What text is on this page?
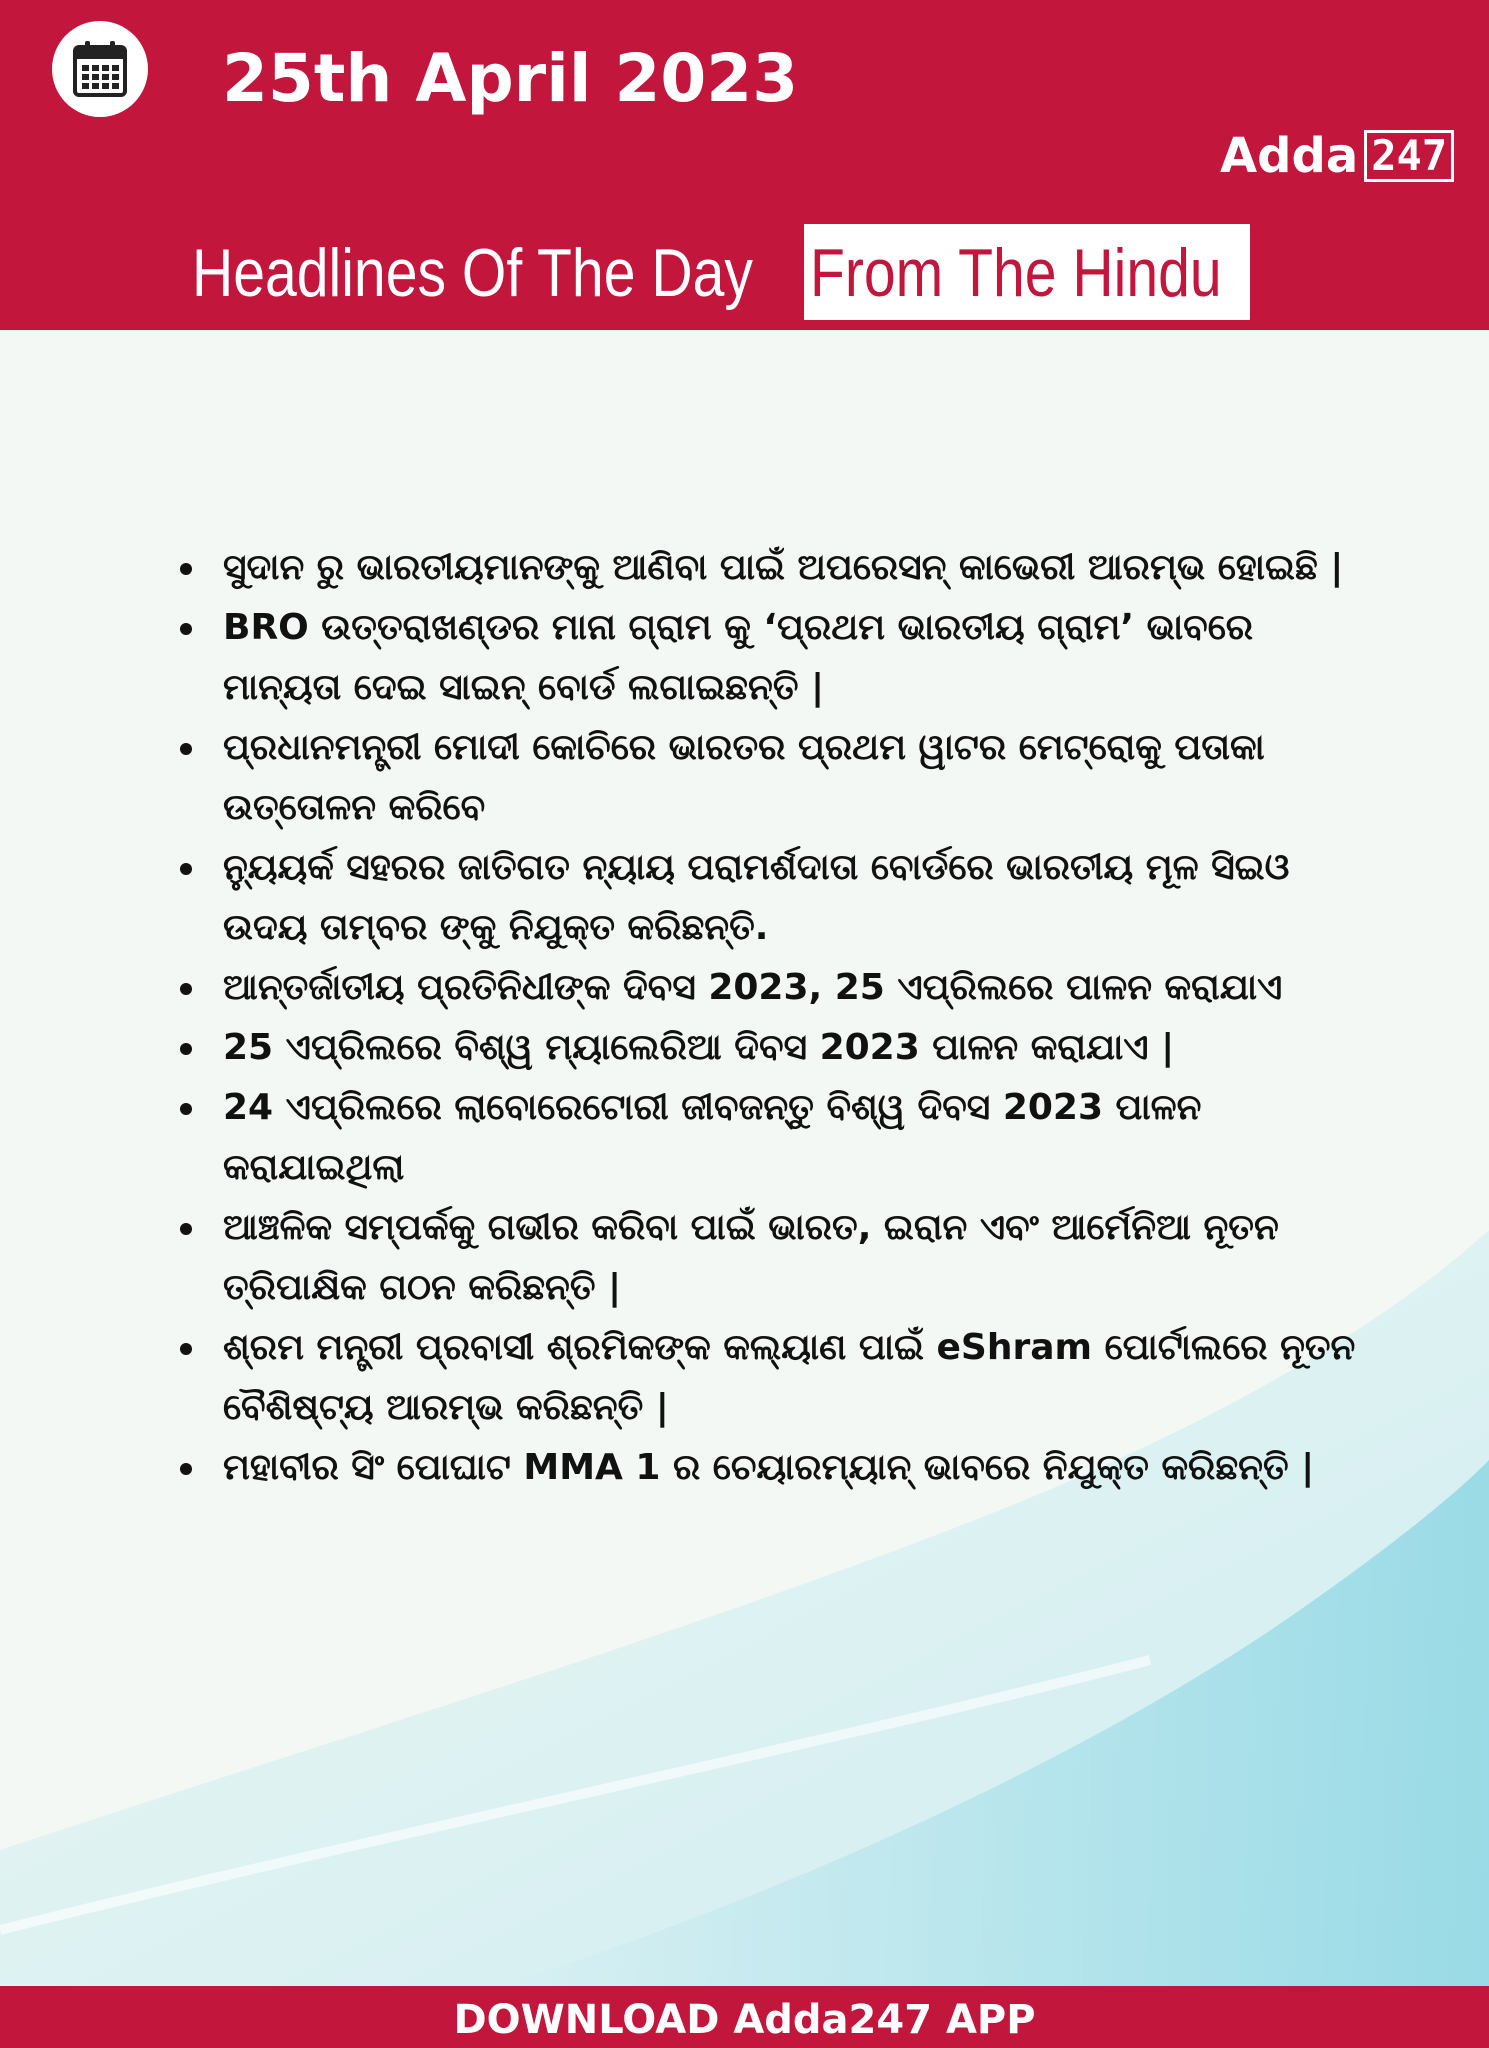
25th April 2023
Adda 247
Headlines Of The Day From The Hindu
ସୁଦାନ ରୁ ଭାରତୀୟମାନଙ୍କୁ ଆଣିବା ପାଇଁ ଅପରେସନ୍ କାଭେରୀ ଆରମ୍ଭ ହୋଇଛି |
BRO ଉତ୍ତରାଖଣ୍ଡର ମାନା ଗ୍ରାମ କୁ ‘ପ୍ରଥମ ଭାରତୀୟ ଗ୍ରାମ’ ଭାବରେ ମାନ୍ୟତା ଦେଇ ସାଇନ୍ ବୋର୍ଡ ଲଗାଇଛନ୍ତି |
ପ୍ରଧାନମନ୍ତ୍ରୀ ମୋଦୀ କୋଚିରେ ଭାରତର ପ୍ରଥମ ୱାଟର ମେଟ୍ରୋକୁ ପତାକା ଉତ୍ତୋଳନ କରିବେ
ନ୍ୟୁୟର୍କ ସହରର ଜାତିଗତ ନ୍ୟାୟ ପରାମର୍ଶଦାତା ବୋର୍ଡରେ ଭାରତୀୟ ମୂଳ ସିଇଓ ଉଦୟ ତାମ୍ବର ଙ୍କୁ ନିଯୁକ୍ତ କରିଛନ୍ତି.
ଆନ୍ତର୍ଜାତୀୟ ପ୍ରତିନିଧୀଙ୍କ ଦିବସ 2023, 25 ଏପ୍ରିଲରେ ପାଳନ କରାଯାଏ
25 ଏପ୍ରିଲରେ ବିଶ୍ୱ ମ୍ୟାଲେରିଆ ଦିବସ 2023 ପାଳନ କରାଯାଏ |
24 ଏପ୍ରିଲରେ ଲାବୋରେଟୋରୀ ଜୀବଜନ୍ତୁ ବିଶ୍ୱ ଦିବସ 2023 ପାଳନ କରାଯାଇଥିଲା
ଆଞ୍ଚଳିକ ସମ୍ପର୍କକୁ ଗଭୀର କରିବା ପାଇଁ ଭାରତ, ଇରାନ ଏବଂ ଆର୍ମେନିଆ ନୂତନ ତ୍ରିପାକ୍ଷିକ ଗଠନ କରିଛନ୍ତି |
ଶ୍ରମ ମନ୍ତ୍ରୀ ପ୍ରବାସୀ ଶ୍ରମିକଙ୍କ କଲ୍ୟାଣ ପାଇଁ eShram ପୋର୍ଟାଲରେ ନୂତନ ବୈଶିଷ୍ଟ୍ୟ ଆରମ୍ଭ କରିଛନ୍ତି |
ମହାବୀର ସିଂ ପୋଘାଟ MMA 1 ର ଚେୟାରମ୍ୟାନ୍ ଭାବରେ ନିଯୁକ୍ତ କରିଛନ୍ତି |
DOWNLOAD Adda247 APP
